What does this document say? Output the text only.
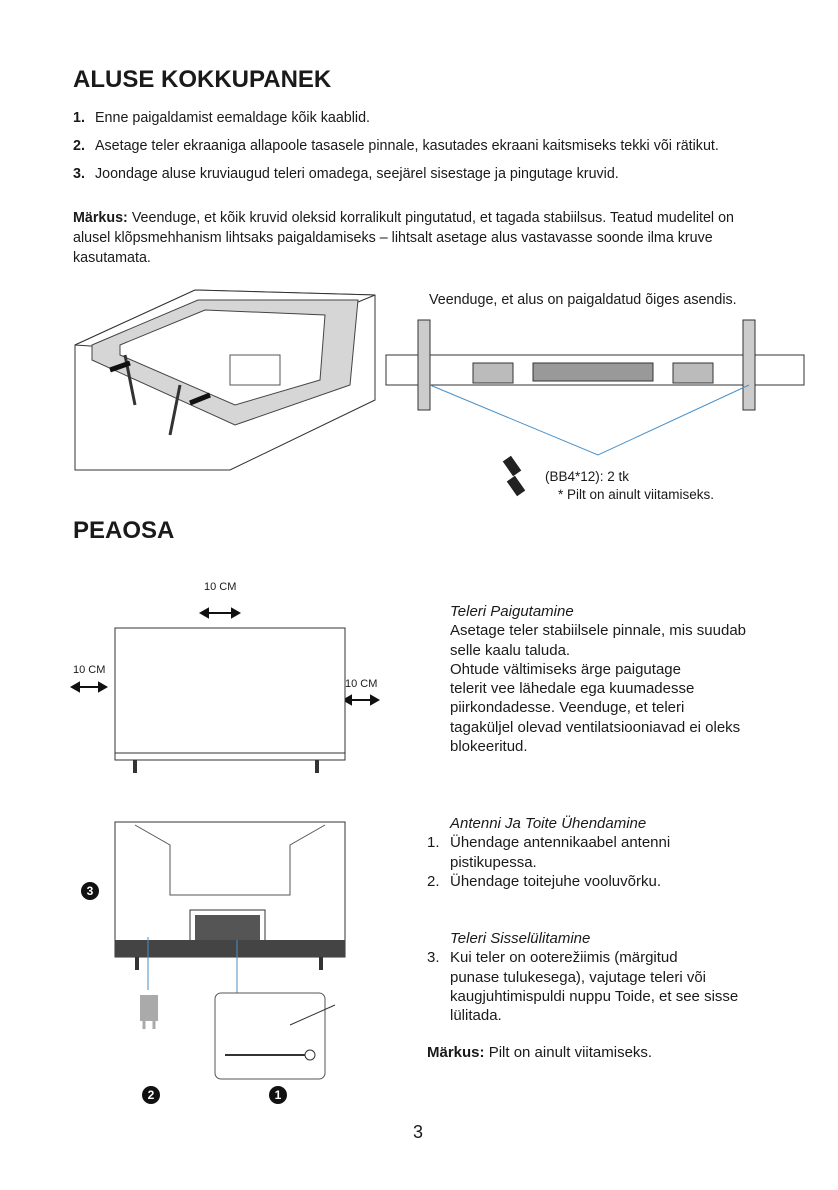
ALUSE KOKKUPANEK
1. Enne paigaldamist eemaldage kõik kaablid.
2. Asetage teler ekraaniga allapoole tasasele pinnale, kasutades ekraani kaitsmiseks tekki või rätikut.
3. Joondage aluse kruviaugud teleri omadega, seejärel sisestage ja pingutage kruvid.
Märkus: Veenduge, et kõik kruvid oleksid korralikult pingutatud, et tagada stabiilsus. Teatud mudelitel on alusel klõpsmehhanism lihtsaks paigaldamiseks – lihtsalt asetage alus vastavasse soonde ilma kruve kasutamata.
Veenduge, et alus on paigaldatud õiges asendis.
(BB4*12): 2 tk
* Pilt on ainult viitamiseks.
PEAOSA
10 CM
10 CM
10 CM
Teleri Paigutamine
Asetage teler stabiilsele pinnale, mis suudab
selle kaalu taluda.
Ohtude vältimiseks ärge paigutage
telerit vee lähedale ega kuumadesse
piirkondadesse. Veenduge, et teleri
tagaküljel olevad ventilatsiooniavad ei oleks
blokeeritud.
Antenni Ja Toite Ühendamine
1. Ühendage antennikaabel antenni
pistikupessa.
2. Ühendage toitejuhe vooluvõrku.
Teleri Sisselülitamine
3. Kui teler on ooterežiimis (märgitud
punase tulukesega), vajutage teleri või
kaugjuhtimispuldi nuppu Toide, et see sisse
lülitada.
Märkus: Pilt on ainult viitamiseks.
3
2	1
3
